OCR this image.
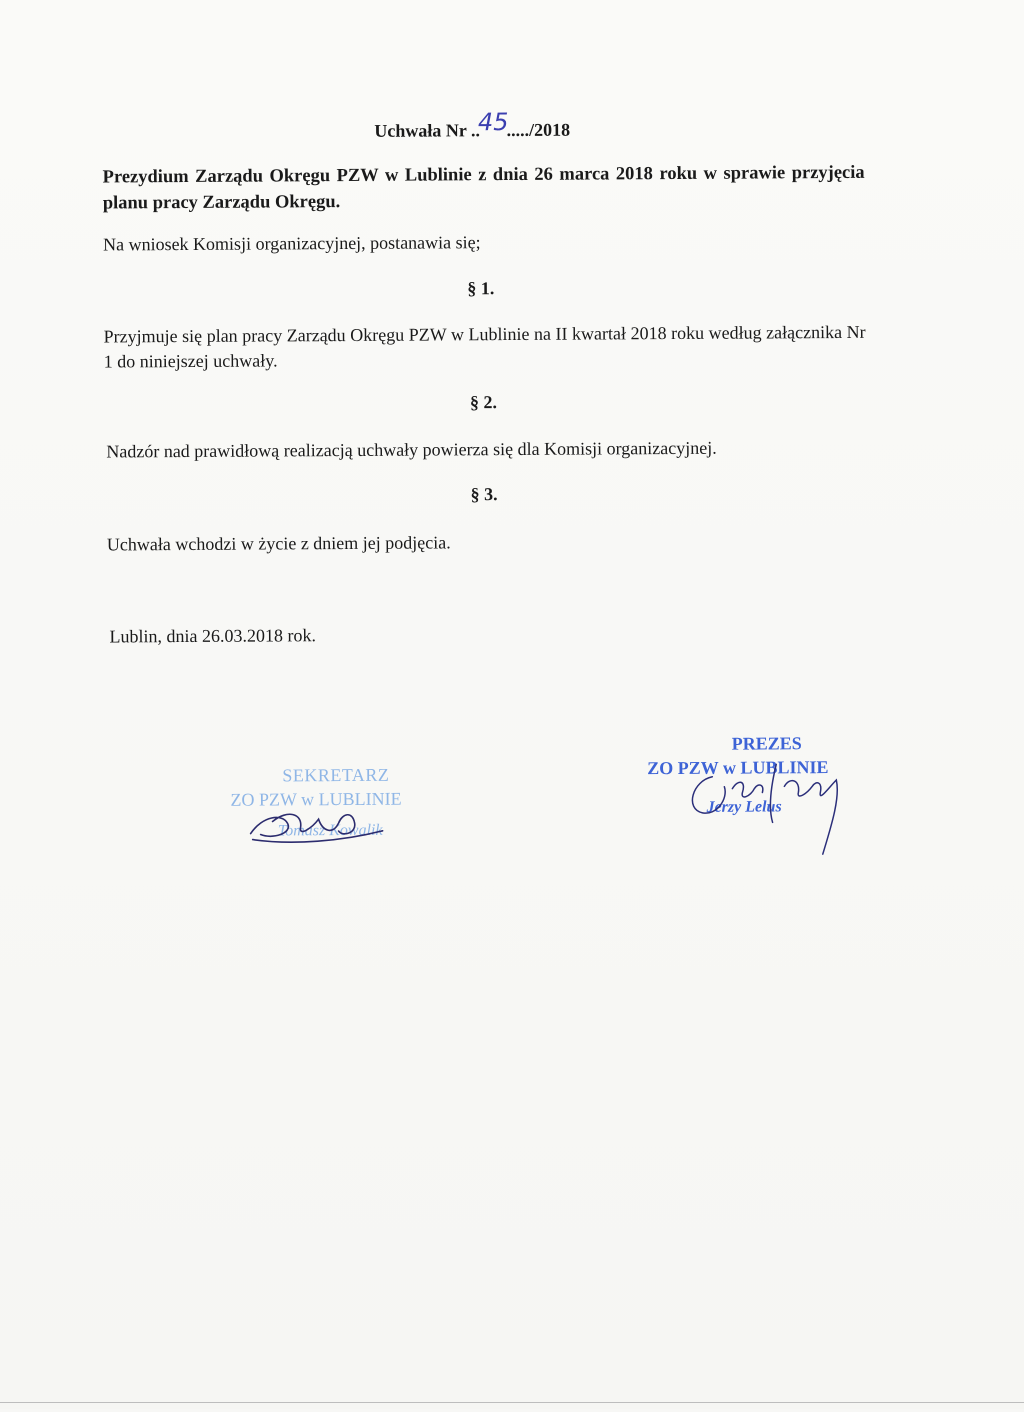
Uchwała Nr ..45...../2018
Prezydium Zarządu Okręgu PZW w Lublinie z dnia 26 marca 2018 roku w sprawie przyjęcia planu pracy Zarządu Okręgu.
Na wniosek Komisji organizacyjnej, postanawia się;
§ 1.
Przyjmuje się plan pracy Zarządu Okręgu PZW w Lublinie na II kwartał 2018 roku według załącznika Nr 1 do niniejszej uchwały.
§ 2.
Nadzór nad prawidłową realizacją uchwały powierza się dla Komisji organizacyjnej.
§ 3.
Uchwała wchodzi w życie z dniem jej podjęcia.
Lublin, dnia 26.03.2018 rok.
SEKRETARZ
ZO PZW w LUBLINIE
Tomasz Kowalik
PREZES
ZO PZW w LUBLINIE
Jerzy Lelus
